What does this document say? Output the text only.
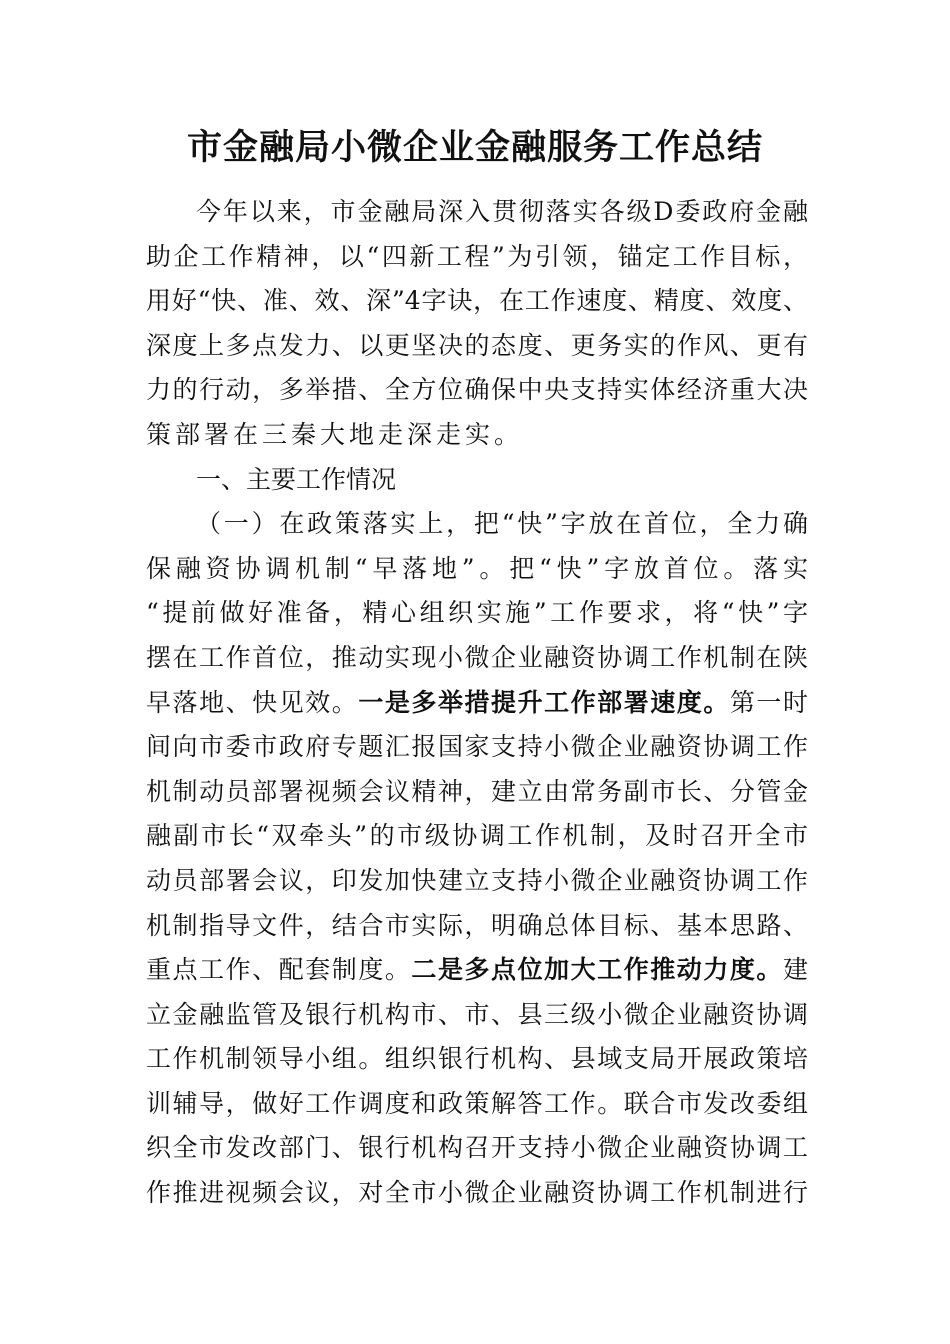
市金融局小微企业金融服务工作总结
今年以来，市金融局深入贯彻落实各级D委政府金融
助企工作精神，以“四新工程”为引领，锚定工作目标，
用好“快、准、效、深”4字诀，在工作速度、精度、效度、
深度上多点发力、以更坚决的态度、更务实的作风、更有
力的行动，多举措、全方位确保中央支持实体经济重大决
策部署在三秦大地走深走实。
一、主要工作情况
（一）在政策落实上，把“快”字放在首位，全力确
保融资协调机制“早落地”。把“快”字放首位。落实
“提前做好准备，精心组织实施”工作要求，将“快”字
摆在工作首位，推动实现小微企业融资协调工作机制在陕
早落地、快见效。一是多举措提升工作部署速度。第一时
间向市委市政府专题汇报国家支持小微企业融资协调工作
机制动员部署视频会议精神，建立由常务副市长、分管金
融副市长“双牵头”的市级协调工作机制，及时召开全市
动员部署会议，印发加快建立支持小微企业融资协调工作
机制指导文件，结合市实际，明确总体目标、基本思路、
重点工作、配套制度。二是多点位加大工作推动力度。建
立金融监管及银行机构市、市、县三级小微企业融资协调
工作机制领导小组。组织银行机构、县域支局开展政策培
训辅导，做好工作调度和政策解答工作。联合市发改委组
织全市发改部门、银行机构召开支持小微企业融资协调工
作推进视频会议，对全市小微企业融资协调工作机制进行
